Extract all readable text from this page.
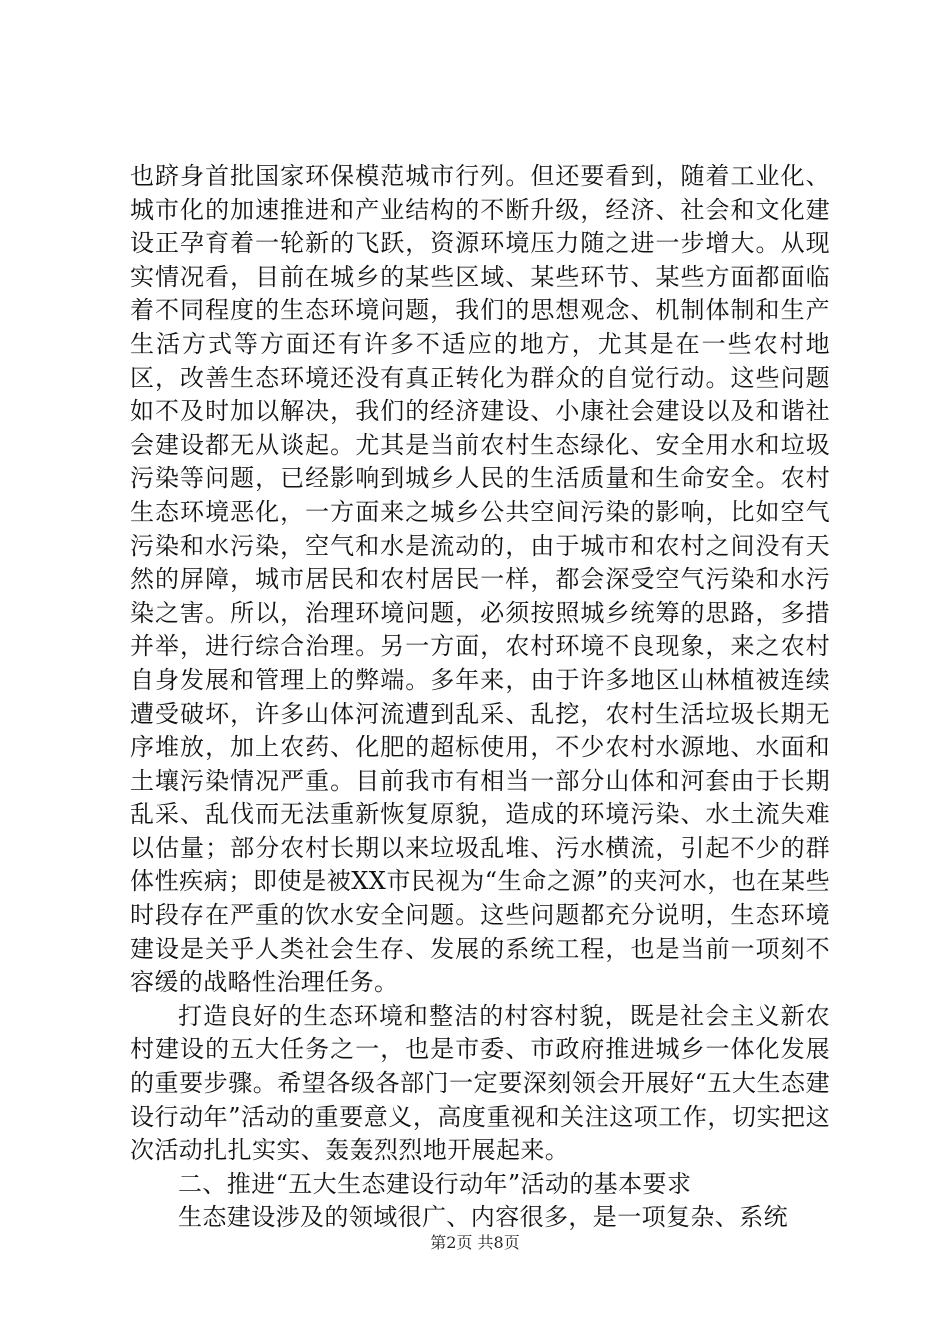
也跻身首批国家环保模范城市行列。但还要看到，随着工业化、城市化的加速推进和产业结构的不断升级，经济、社会和文化建设正孕育着一轮新的飞跃，资源环境压力随之进一步增大。从现实情况看，目前在城乡的某些区域、某些环节、某些方面都面临着不同程度的生态环境问题，我们的思想观念、机制体制和生产生活方式等方面还有许多不适应的地方，尤其是在一些农村地区，改善生态环境还没有真正转化为群众的自觉行动。这些问题如不及时加以解决，我们的经济建设、小康社会建设以及和谐社会建设都无从谈起。尤其是当前农村生态绿化、安全用水和垃圾污染等问题，已经影响到城乡人民的生活质量和生命安全。农村生态环境恶化，一方面来之城乡公共空间污染的影响，比如空气污染和水污染，空气和水是流动的，由于城市和农村之间没有天然的屏障，城市居民和农村居民一样，都会深受空气污染和水污染之害。所以，治理环境问题，必须按照城乡统筹的思路，多措并举，进行综合治理。另一方面，农村环境不良现象，来之农村自身发展和管理上的弊端。多年来，由于许多地区山林植被连续遭受破坏，许多山体河流遭到乱采、乱挖，农村生活垃圾长期无序堆放，加上农药、化肥的超标使用，不少农村水源地、水面和土壤污染情况严重。目前我市有相当一部分山体和河套由于长期乱采、乱伐而无法重新恢复原貌，造成的环境污染、水土流失难以估量；部分农村长期以来垃圾乱堆、污水横流，引起不少的群体性疾病；即使是被XX市民视为“生命之源”的夹河水，也在某些时段存在严重的饮水安全问题。这些问题都充分说明，生态环境建设是关乎人类社会生存、发展的系统工程，也是当前一项刻不容缓的战略性治理任务。

打造良好的生态环境和整洁的村容村貌，既是社会主义新农村建设的五大任务之一，也是市委、市政府推进城乡一体化发展的重要步骤。希望各级各部门一定要深刻领会开展好“五大生态建设行动年”活动的重要意义，高度重视和关注这项工作，切实把这次活动扎扎实实、轰轰烈烈地开展起来。

二、推进“五大生态建设行动年”活动的基本要求

生态建设涉及的领域很广、内容很多，是一项复杂、系统

第2页 共8页
